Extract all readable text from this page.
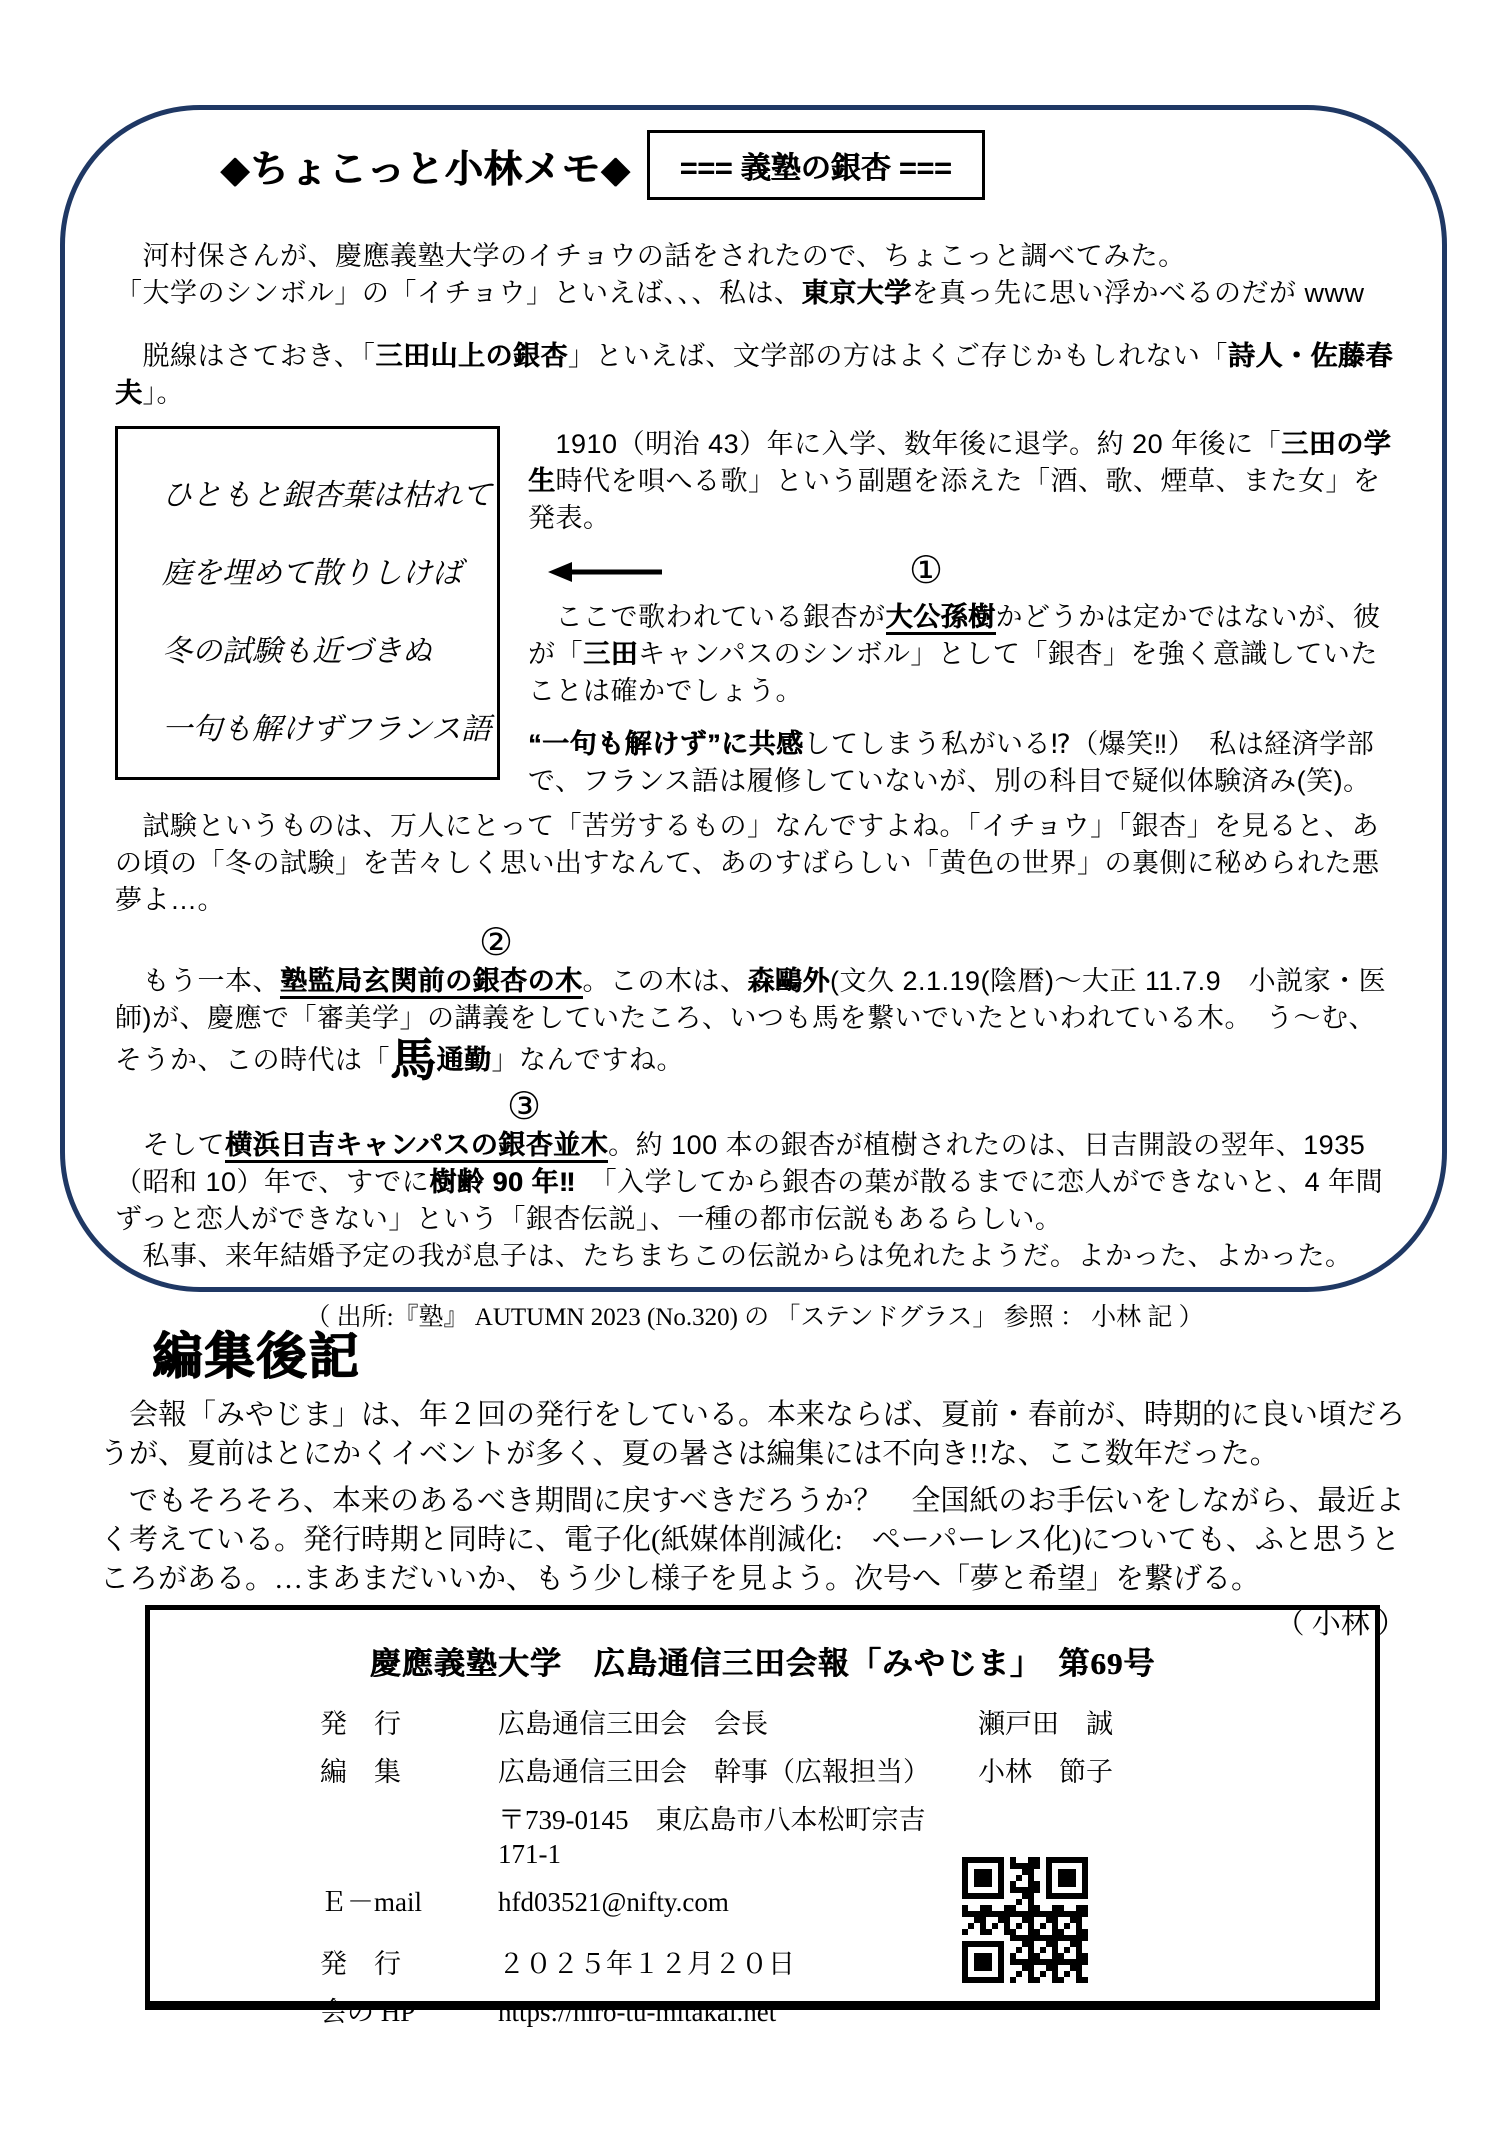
◆ちょこっと小林メモ◆	=== 義塾の銀杏 ===
　河村保さんが、慶應義塾大学のイチョウの話をされたので、ちょこっと調べてみた。
「大学のシンボル」の「イチョウ」といえば、、、私は、東京大学を真っ先に思い浮かべるのだが www
　脱線はさておき、「三田山上の銀杏」といえば、文学部の方はよくご存じかもしれない「詩人・佐藤春夫」。
ひともと銀杏葉は枯れて
庭を埋めて散りしけば
冬の試験も近づきぬ
一句も解けずフランス語
　1910（明治 43）年に入学、数年後に退学。約 20 年後に「三田の学生時代を唄へる歌」という副題を添えた「酒、歌、煙草、また女」を発表。
①
　ここで歌われている銀杏が大公孫樹かどうかは定かではないが、彼が「三田キャンパスのシンボル」として「銀杏」を強く意識していたことは確かでしょう。
“一句も解けず”に共感してしまう私がいる⁉（爆笑‼）　私は経済学部で、フランス語は履修していないが、別の科目で疑似体験済み(笑)。
　試験というものは、万人にとって「苦労するもの」なんですよね。「イチョウ」「銀杏」を見ると、あの頃の「冬の試験」を苦々しく思い出すなんて、あのすばらしい「黄色の世界」の裏側に秘められた悪夢よ…。
②
　もう一本、塾監局玄関前の銀杏の木。この木は、森鷗外(文久 2.1.19(陰暦)～大正 11.7.9　小説家・医師)が、慶應で「審美学」の講義をしていたころ、いつも馬を繋いでいたといわれている木。　う～む、そうか、この時代は「馬通勤」なんですね。
③
　そして横浜日吉キャンパスの銀杏並木。約 100 本の銀杏が植樹されたのは、日吉開設の翌年、1935（昭和 10）年で、すでに樹齢 90 年‼　「入学してから銀杏の葉が散るまでに恋人ができないと、4 年間ずっと恋人ができない」という「銀杏伝説」、一種の都市伝説もあるらしい。
　私事、来年結婚予定の我が息子は、たちまちこの伝説からは免れたようだ。よかった、よかった。
（ 出所:『塾』 AUTUMN 2023 (No.320) の 「ステンドグラス」 参照 ： 小林 記 ）
編集後記
　会報「みやじま」は、年２回の発行をしている。本来ならば、夏前・春前が、時期的に良い頃だろうが、夏前はとにかくイベントが多く、夏の暑さは編集には不向き!!な、ここ数年だった。
　でもそろそろ、本来のあるべき期間に戻すべきだろうか？　全国紙のお手伝いをしながら、最近よく考えている。発行時期と同時に、電子化(紙媒体削減化:　ペーパーレス化)についても、ふと思うところがある。…まあまだいいか、もう少し様子を見よう。次号へ「夢と希望」を繋げる。
（ 小林 ）
慶應義塾大学　広島通信三田会報「みやじま」　第69号
発　行	広島通信三田会　会長	瀬戸田　誠
編　集	広島通信三田会　幹事（広報担当）	小林　節子
〒739-0145　東広島市八本松町宗吉 171-1
Ｅ－mail	hfd03521@nifty.com
発　行	２０２５年１２月２０日
会の HP	https://hiro-tu-mitakai.net
